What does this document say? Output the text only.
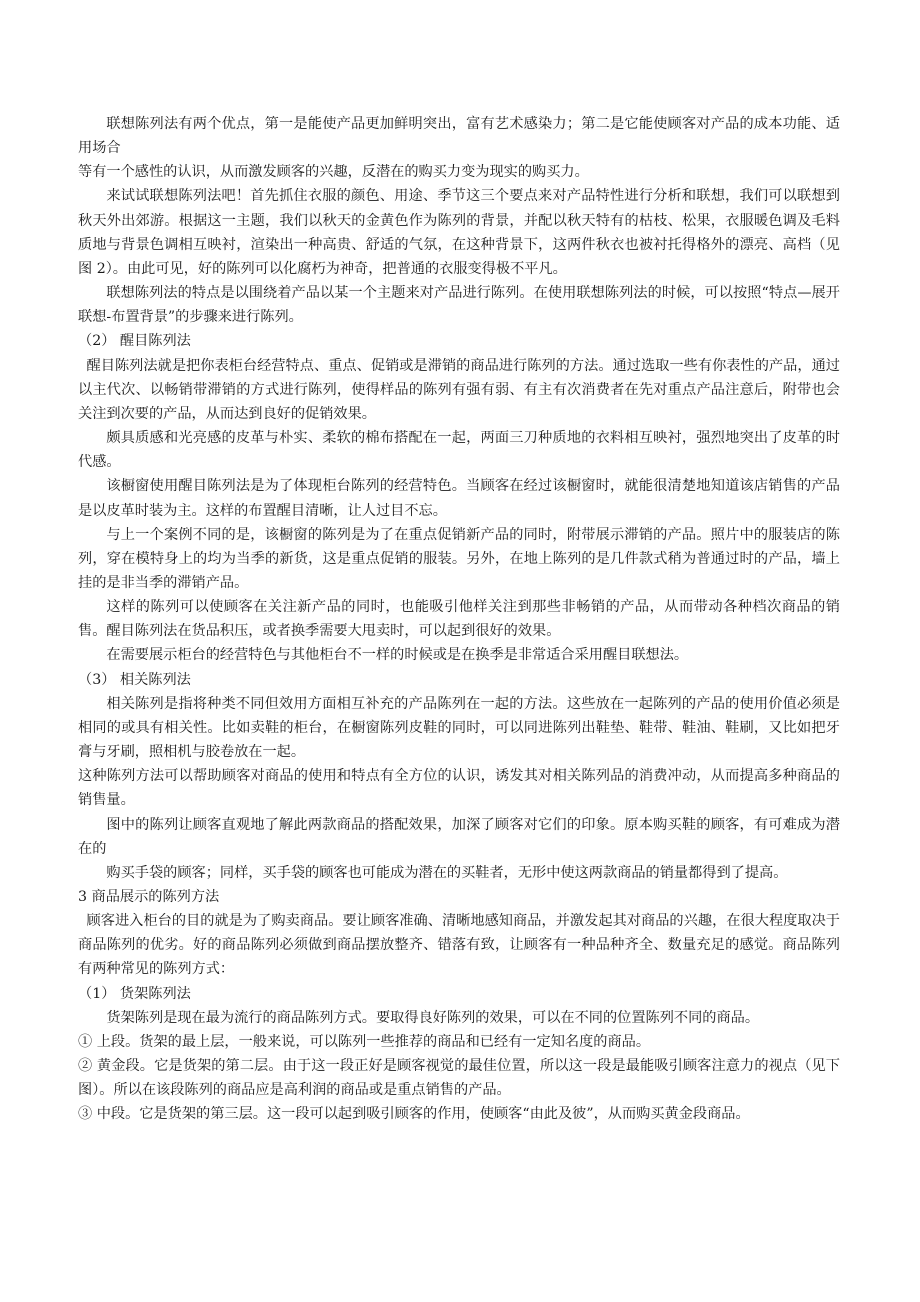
联想陈列法有两个优点，第一是能使产品更加鲜明突出，富有艺术感染力；第二是它能使顾客对产品的成本功能、适用场合

等有一个感性的认识，从而激发顾客的兴趣，反潜在的购买力变为现实的购买力。

来试试联想陈列法吧！首先抓住衣服的颜色、用途、季节这三个要点来对产品特性进行分析和联想，我们可以联想到秋天外出郊游。根据这一主题，我们以秋天的金黄色作为陈列的背景，并配以秋天特有的枯枝、松果，衣服暖色调及毛料质地与背景色调相互映衬，渲染出一种高贵、舒适的气氛，在这种背景下，这两件秋衣也被衬托得格外的漂亮、高档（见图 2）。由此可见，好的陈列可以化腐朽为神奇，把普通的衣服变得极不平凡。

联想陈列法的特点是以围绕着产品以某一个主题来对产品进行陈列。在使用联想陈列法的时候，可以按照“特点—展开联想-布置背景”的步骤来进行陈列。

（2） 醒目陈列法

醒目陈列法就是把你表柜台经营特点、重点、促销或是滞销的商品进行陈列的方法。通过选取一些有你表性的产品，通过以主代次、以畅销带滞销的方式进行陈列，使得样品的陈列有强有弱、有主有次消费者在先对重点产品注意后，附带也会关注到次要的产品，从而达到良好的促销效果。

颇具质感和光亮感的皮革与朴实、柔软的棉布搭配在一起，两面三刀种质地的衣料相互映衬，强烈地突出了皮革的时代感。

该橱窗使用醒目陈列法是为了体现柜台陈列的经营特色。当顾客在经过该橱窗时，就能很清楚地知道该店销售的产品是以皮革时装为主。这样的布置醒目清晰，让人过目不忘。

与上一个案例不同的是，该橱窗的陈列是为了在重点促销新产品的同时，附带展示滞销的产品。照片中的服装店的陈列，穿在模特身上的均为当季的新货，这是重点促销的服装。另外，在地上陈列的是几件款式稍为普通过时的产品，墙上挂的是非当季的滞销产品。

这样的陈列可以使顾客在关注新产品的同时，也能吸引他样关注到那些非畅销的产品，从而带动各种档次商品的销售。醒目陈列法在货品积压，或者换季需要大甩卖时，可以起到很好的效果。

在需要展示柜台的经营特色与其他柜台不一样的时候或是在换季是非常适合采用醒目联想法。

（3） 相关陈列法

相关陈列是指将种类不同但效用方面相互补充的产品陈列在一起的方法。这些放在一起陈列的产品的使用价值必须是相同的或具有相关性。比如卖鞋的柜台，在橱窗陈列皮鞋的同时，可以同进陈列出鞋垫、鞋带、鞋油、鞋刷，又比如把牙膏与牙刷，照相机与胶卷放在一起。

这种陈列方法可以帮助顾客对商品的使用和特点有全方位的认识，诱发其对相关陈列品的消费冲动，从而提高多种商品的销售量。

图中的陈列让顾客直观地了解此两款商品的搭配效果，加深了顾客对它们的印象。原本购买鞋的顾客，有可难成为潜在的

购买手袋的顾客；同样，买手袋的顾客也可能成为潜在的买鞋者，无形中使这两款商品的销量都得到了提高。

3 商品展示的陈列方法

顾客进入柜台的目的就是为了购卖商品。要让顾客准确、清晰地感知商品，并激发起其对商品的兴趣，在很大程度取决于商品陈列的优劣。好的商品陈列必须做到商品摆放整齐、错落有致，让顾客有一种品种齐全、数量充足的感觉。商品陈列有两种常见的陈列方式：

（1） 货架陈列法

货架陈列是现在最为流行的商品陈列方式。要取得良好陈列的效果，可以在不同的位置陈列不同的商品。

① 上段。货架的最上层，一般来说，可以陈列一些推荐的商品和已经有一定知名度的商品。

② 黄金段。它是货架的第二层。由于这一段正好是顾客视觉的最佳位置，所以这一段是最能吸引顾客注意力的视点（见下图）。所以在该段陈列的商品应是高利润的商品或是重点销售的产品。

③ 中段。它是货架的第三层。这一段可以起到吸引顾客的作用，使顾客“由此及彼”，从而购买黄金段商品。
